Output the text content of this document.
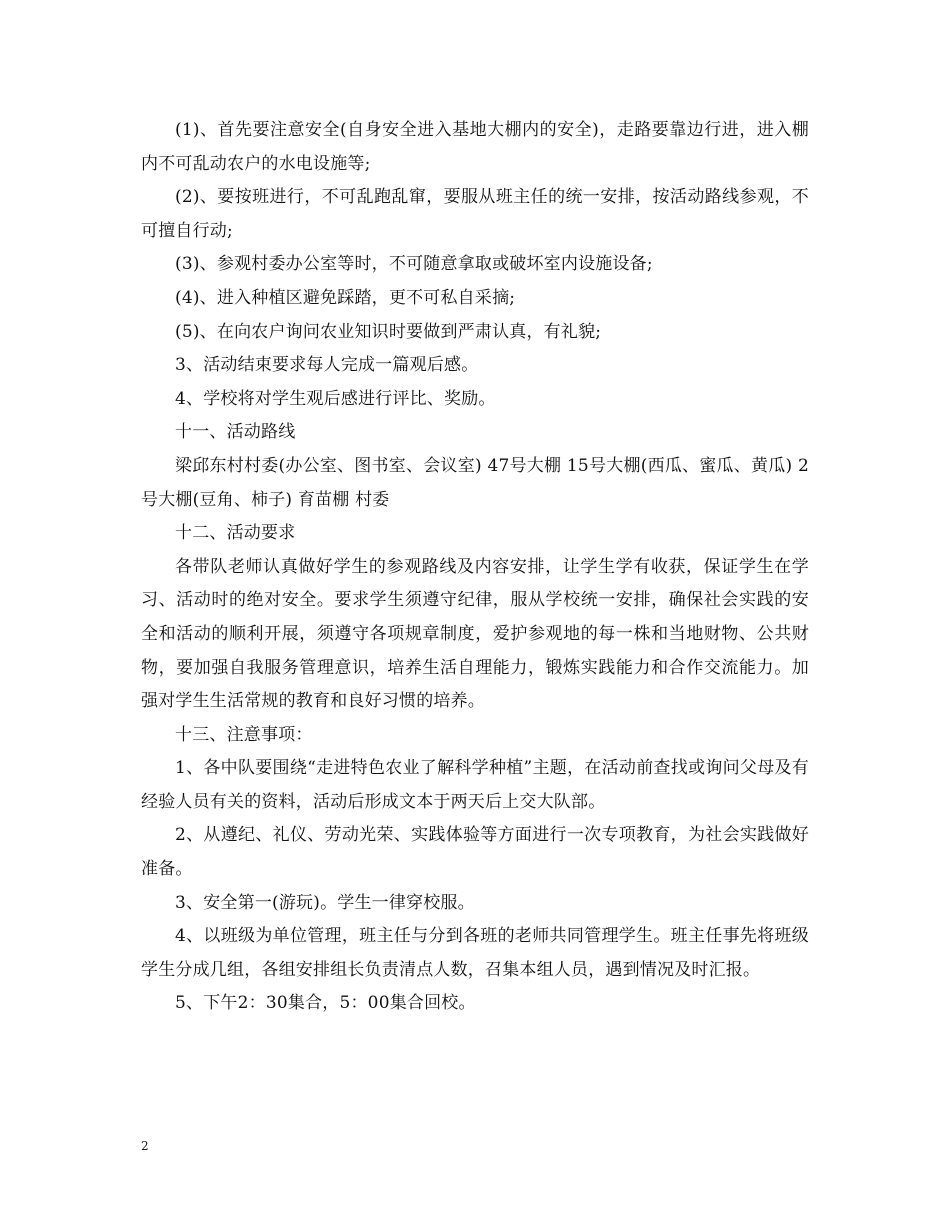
(1)、首先要注意安全(自身安全进入基地大棚内的安全)，走路要靠边行进，进入棚内不可乱动农户的水电设施等;

(2)、要按班进行，不可乱跑乱窜，要服从班主任的统一安排，按活动路线参观，不可擅自行动;

(3)、参观村委办公室等时，不可随意拿取或破坏室内设施设备;

(4)、进入种植区避免踩踏，更不可私自采摘;

(5)、在向农户询问农业知识时要做到严肃认真，有礼貌;

3、活动结束要求每人完成一篇观后感。

4、学校将对学生观后感进行评比、奖励。

十一、活动路线

梁邱东村村委(办公室、图书室、会议室) 47号大棚 15号大棚(西瓜、蜜瓜、黄瓜) 2号大棚(豆角、柿子) 育苗棚 村委

十二、活动要求

各带队老师认真做好学生的参观路线及内容安排，让学生学有收获，保证学生在学习、活动时的绝对安全。要求学生须遵守纪律，服从学校统一安排，确保社会实践的安全和活动的顺利开展，须遵守各项规章制度，爱护参观地的每一株和当地财物、公共财物，要加强自我服务管理意识，培养生活自理能力，锻炼实践能力和合作交流能力。加强对学生生活常规的教育和良好习惯的培养。

十三、注意事项：

1、各中队要围绕“走进特色农业了解科学种植”主题，在活动前查找或询问父母及有经验人员有关的资料，活动后形成文本于两天后上交大队部。

2、从遵纪、礼仪、劳动光荣、实践体验等方面进行一次专项教育，为社会实践做好准备。

3、安全第一(游玩)。学生一律穿校服。

4、以班级为单位管理，班主任与分到各班的老师共同管理学生。班主任事先将班级学生分成几组，各组安排组长负责清点人数，召集本组人员，遇到情况及时汇报。

5、下午2：30集合，5：00集合回校。

2
